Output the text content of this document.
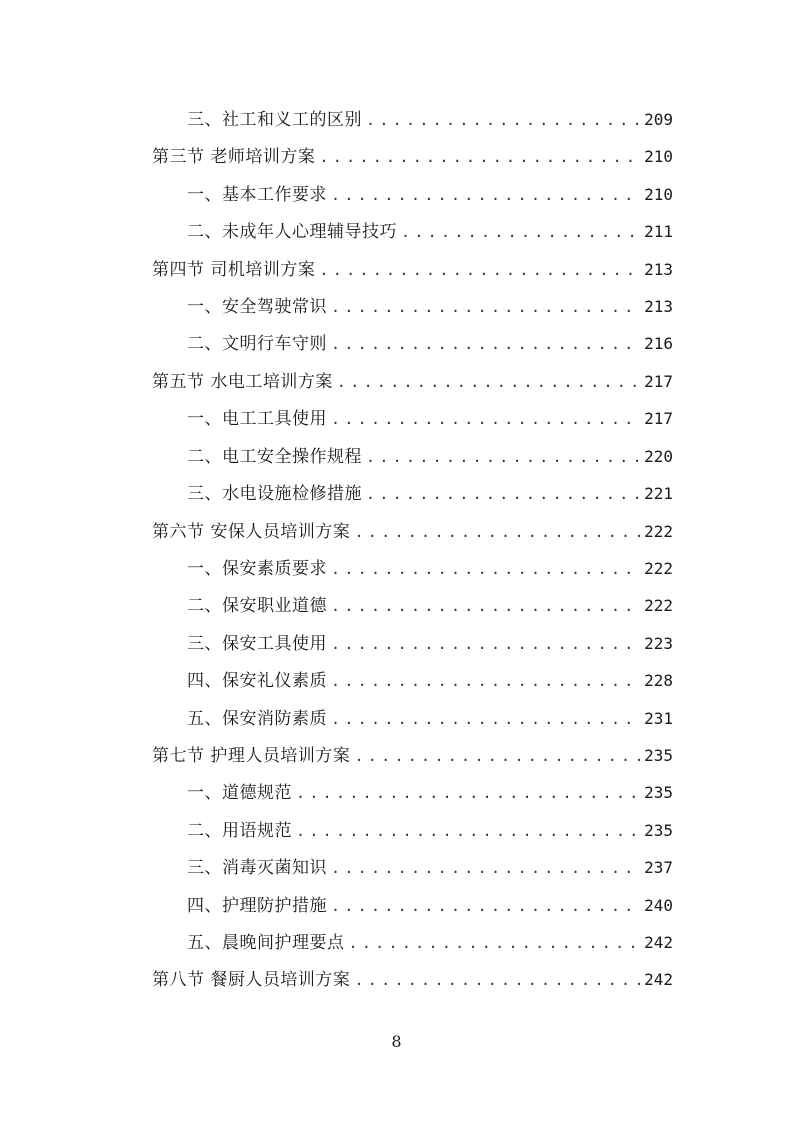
三、社工和义工的区别 .....	209
第三节 老师培训方案 .....	210
一、基本工作要求 .....	210
二、未成年人心理辅导技巧 .....	211
第四节 司机培训方案 .....	213
一、安全驾驶常识 .....	213
二、文明行车守则 .....	216
第五节 水电工培训方案 .....	217
一、电工工具使用 .....	217
二、电工安全操作规程 .....	220
三、水电设施检修措施 .....	221
第六节 安保人员培训方案 .....	222
一、保安素质要求 .....	222
二、保安职业道德 .....	222
三、保安工具使用 .....	223
四、保安礼仪素质 .....	228
五、保安消防素质 .....	231
第七节 护理人员培训方案 .....	235
一、道德规范 .....	235
二、用语规范 .....	235
三、消毒灭菌知识 .....	237
四、护理防护措施 .....	240
五、晨晚间护理要点 .....	242
第八节 餐厨人员培训方案 .....	242
8
